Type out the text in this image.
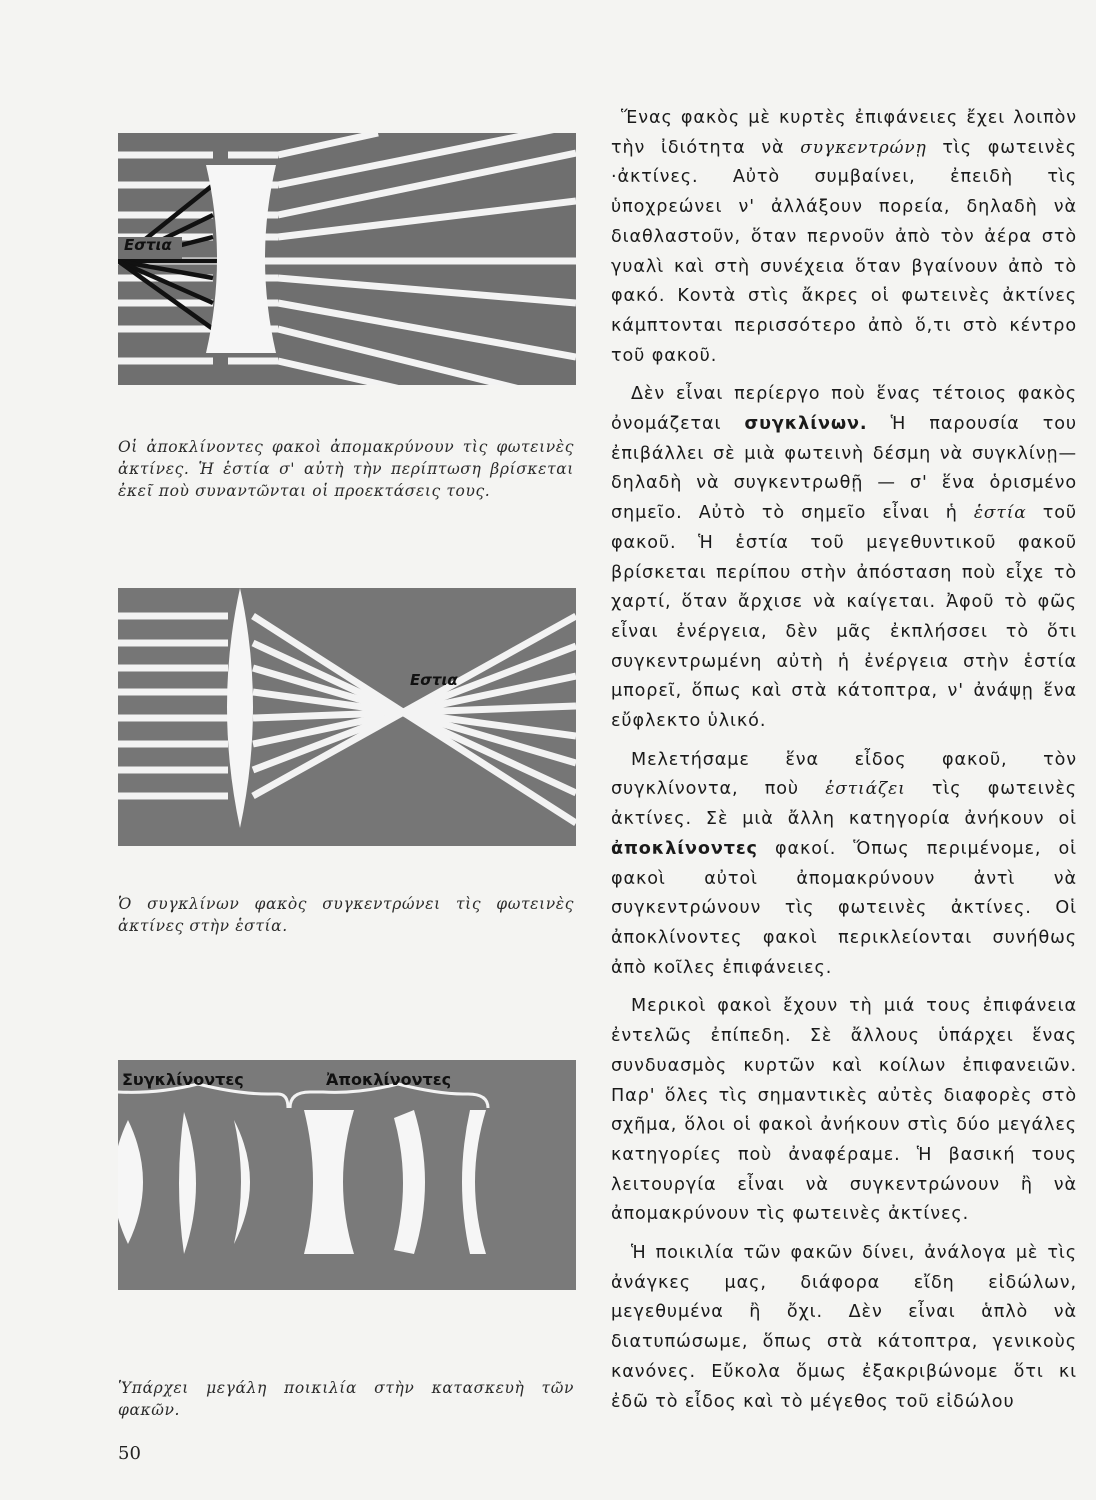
Εστια

Οἱ ἀποκλίνοντες φακοὶ ἀπομακρύνουν τὶς φωτεινὲς ἀκτίνες. Ἡ ἑστία σ' αὐτὴ τὴν περίπτωση βρίσκεται ἐκεῖ ποὺ συναντῶνται οἱ προεκτάσεις τους.

Εστια

Ὁ συγκλίνων φακὸς συγκεντρώνει τὶς φωτεινὲς ἀκτίνες στὴν ἑστία.

Συγκλίνοντες	Ἀποκλίνοντες

Ὑπάρχει μεγάλη ποικιλία στὴν κατασκευὴ τῶν φακῶν.

50

Ἕνας φακὸς μὲ κυρτὲς ἐπιφάνειες ἔχει λοιπὸν τὴν ἰδιότητα νὰ συγκεντρώνῃ τὶς φωτεινὲς ·ἀκτίνες. Αὐτὸ συμβαίνει, ἐπειδὴ τὶς ὑποχρεώνει ν' ἀλλάξουν πορεία, δηλαδὴ νὰ διαθλαστοῦν, ὅταν περνοῦν ἀπὸ τὸν ἀέρα στὸ γυαλὶ καὶ στὴ συνέχεια ὅταν βγαίνουν ἀπὸ τὸ φακό. Κοντὰ στὶς ἄκρες οἱ φωτεινὲς ἀκτίνες κάμπτονται περισσότερο ἀπὸ ὅ,τι στὸ κέντρο τοῦ φακοῦ.

Δὲν εἶναι περίεργο ποὺ ἕνας τέτοιος φακὸς ὀνομάζεται συγκλίνων. Ἡ παρουσία του ἐπιβάλλει σὲ μιὰ φωτεινὴ δέσμη νὰ συγκλίνῃ— δηλαδὴ νὰ συγκεντρωθῇ — σ' ἕνα ὁρισμένο σημεῖο. Αὐτὸ τὸ σημεῖο εἶναι ἡ ἑστία τοῦ φακοῦ. Ἡ ἑστία τοῦ μεγεθυντικοῦ φακοῦ βρίσκεται περίπου στὴν ἀπόσταση ποὺ εἶχε τὸ χαρτί, ὅταν ἄρχισε νὰ καίγεται. Ἀφοῦ τὸ φῶς εἶναι ἐνέργεια, δὲν μᾶς ἐκπλήσσει τὸ ὅτι συγκεντρωμένη αὐτὴ ἡ ἐνέργεια στὴν ἑστία μπορεῖ, ὅπως καὶ στὰ κάτοπτρα, ν' ἀνάψῃ ἕνα εὔφλεκτο ὑλικό.

Μελετήσαμε ἕνα εἶδος φακοῦ, τὸν συγκλίνοντα, ποὺ ἑστιάζει τὶς φωτεινὲς ἀκτίνες. Σὲ μιὰ ἄλλη κατηγορία ἀνήκουν οἱ ἀποκλίνοντες φακοί. Ὅπως περιμένομε, οἱ φακοὶ αὐτοὶ ἀπομακρύνουν ἀντὶ νὰ συγκεντρώνουν τὶς φωτεινὲς ἀκτίνες. Οἱ ἀποκλίνοντες φακοὶ περικλείονται συνήθως ἀπὸ κοῖλες ἐπιφάνειες.

Μερικοὶ φακοὶ ἔχουν τὴ μιά τους ἐπιφάνεια ἐντελῶς ἐπίπεδη. Σὲ ἄλλους ὑπάρχει ἕνας συνδυασμὸς κυρτῶν καὶ κοίλων ἐπιφανειῶν. Παρ' ὅλες τὶς σημαντικὲς αὐτὲς διαφορὲς στὸ σχῆμα, ὅλοι οἱ φακοὶ ἀνήκουν στὶς δύο μεγάλες κατηγορίες ποὺ ἀναφέραμε. Ἡ βασική τους λειτουργία εἶναι νὰ συγκεντρώνουν ἢ νὰ ἀπομακρύνουν τὶς φωτεινὲς ἀκτίνες.

Ἡ ποικιλία τῶν φακῶν δίνει, ἀνάλογα μὲ τὶς ἀνάγκες μας, διάφορα εἴδη εἰδώλων, μεγεθυμένα ἢ ὄχι. Δὲν εἶναι ἁπλὸ νὰ διατυπώσωμε, ὅπως στὰ κάτοπτρα, γενικοὺς κανόνες. Εὔκολα ὅμως ἐξακριβώνομε ὅτι κι ἐδῶ τὸ εἶδος καὶ τὸ μέγεθος τοῦ εἰδώλου
